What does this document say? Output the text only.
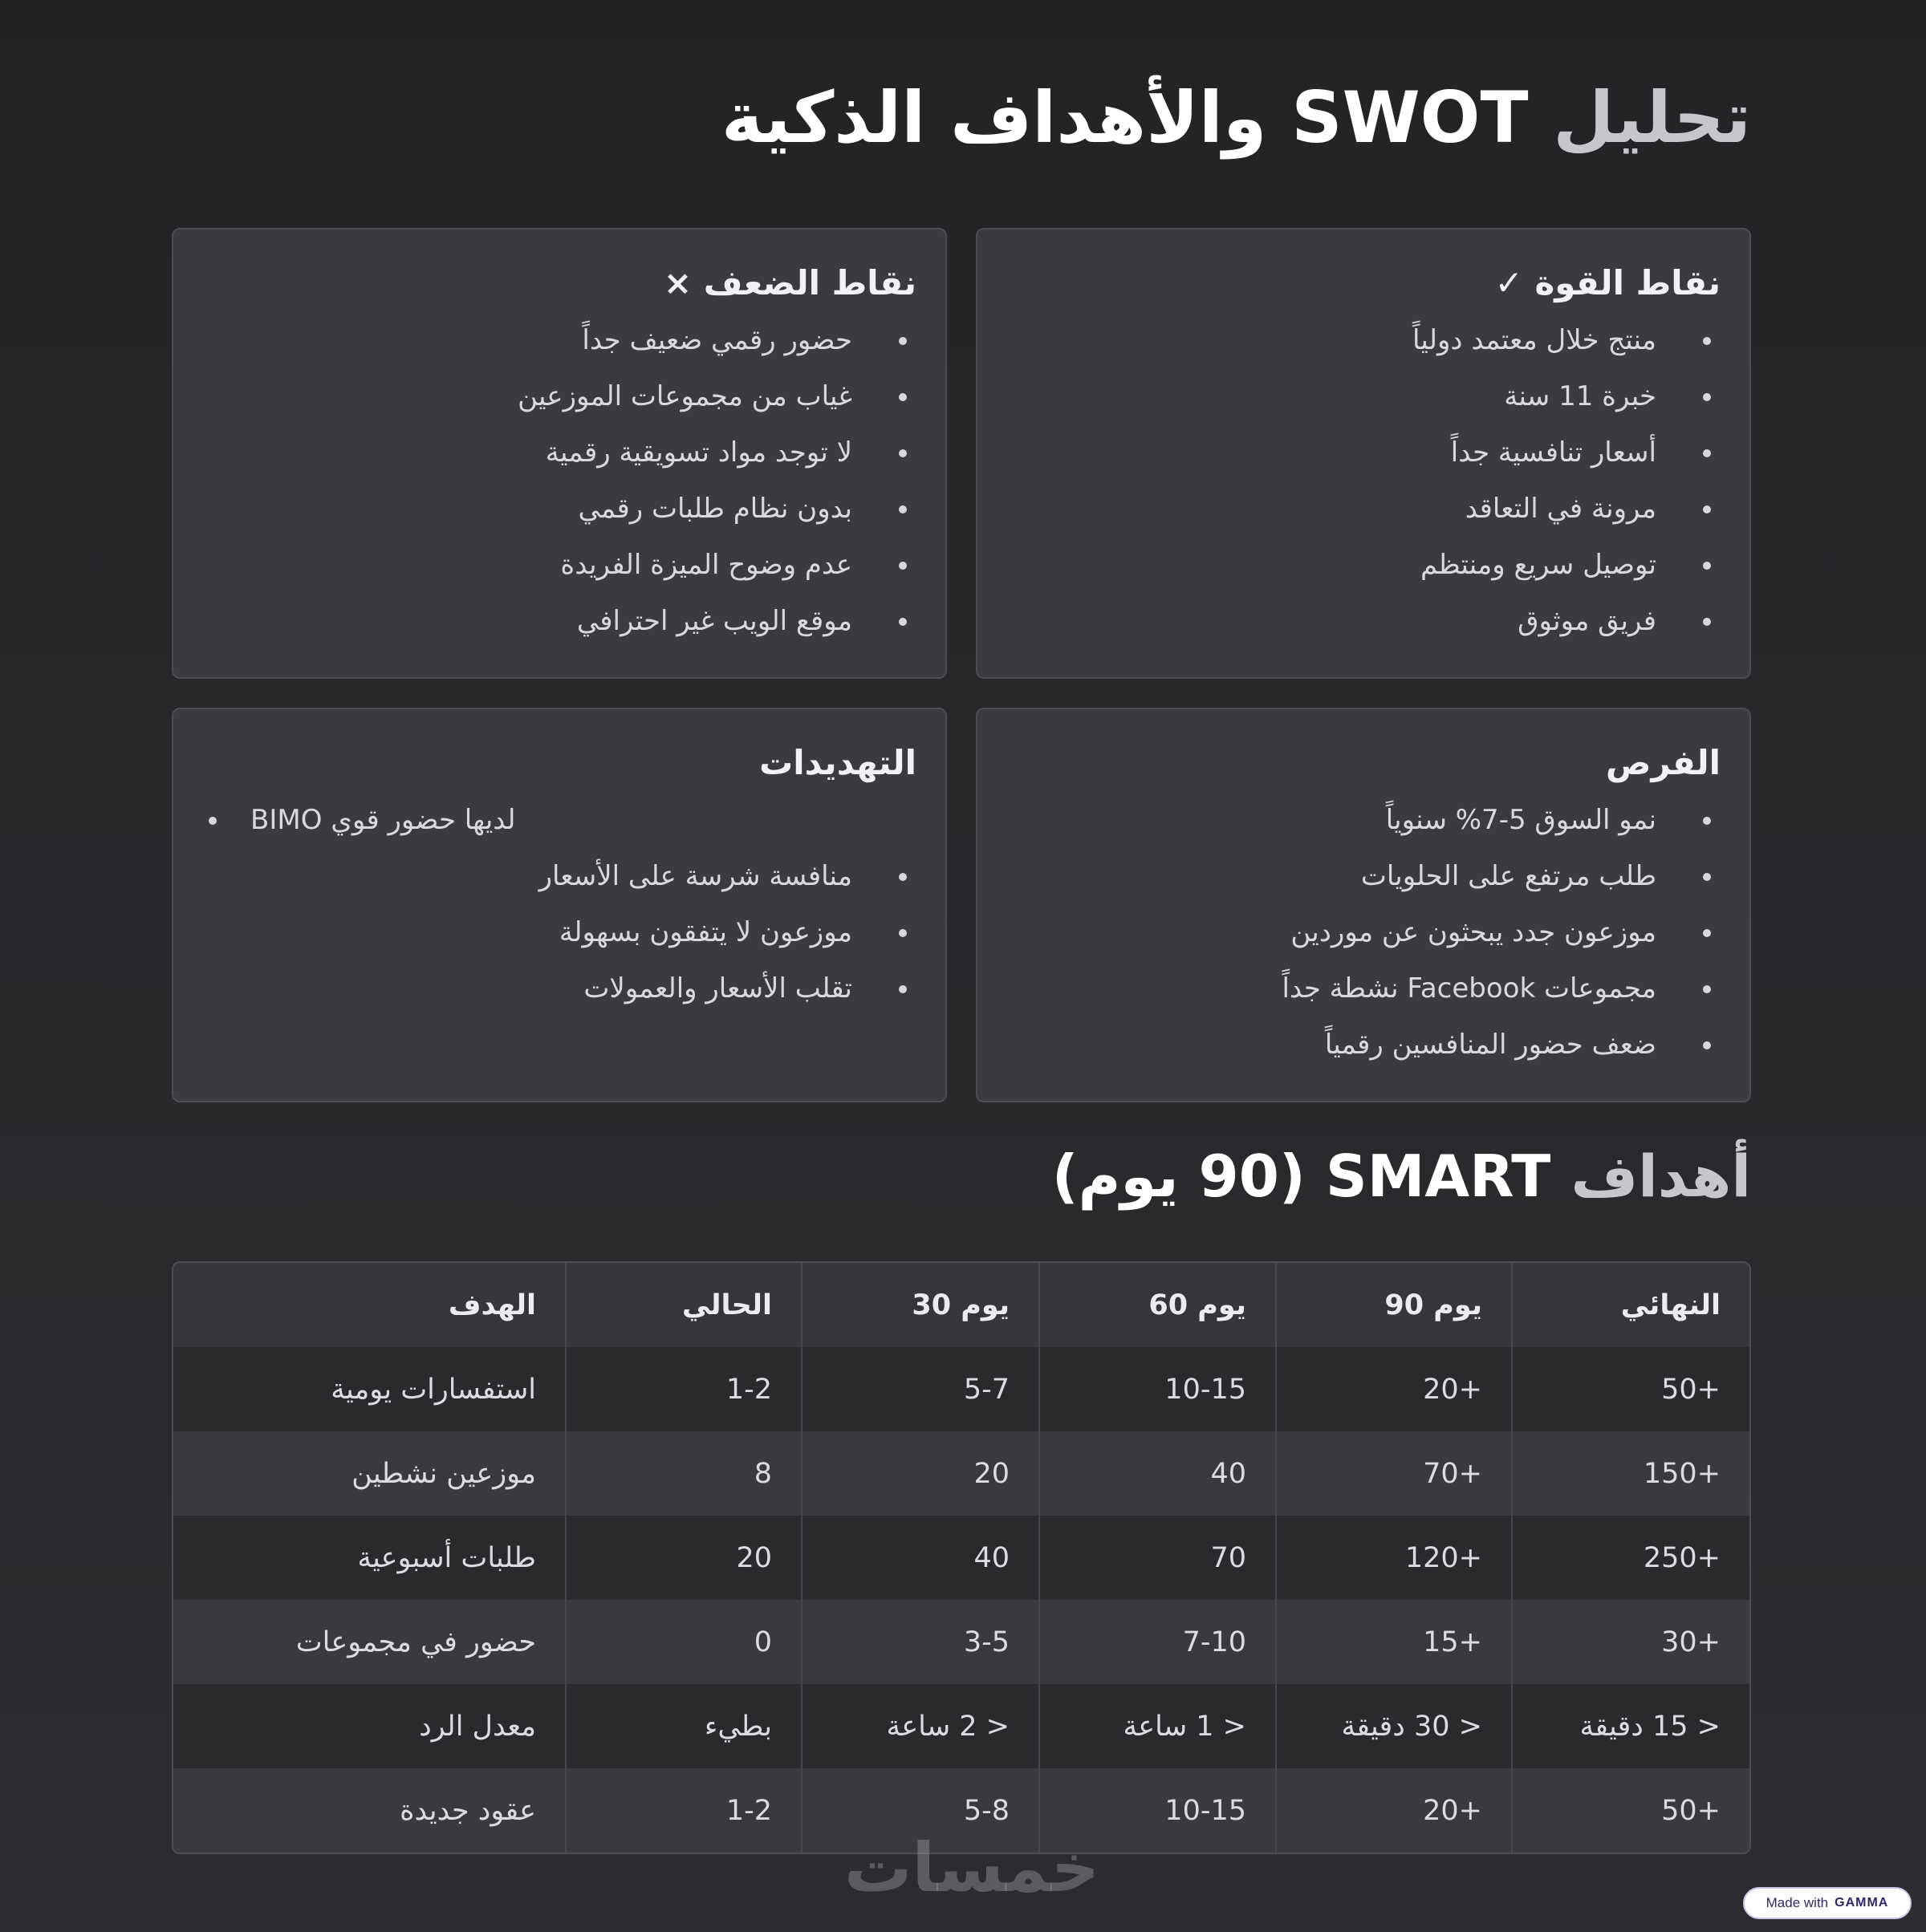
تحليل SWOT والأهداف الذكية
نقاط القوة ✓
منتج خلال معتمد دولياً
خبرة 11 سنة
أسعار تنافسية جداً
مرونة في التعاقد
توصيل سريع ومنتظم
فريق موثوق
نقاط الضعف ×
حضور رقمي ضعيف جداً
غياب من مجموعات الموزعين
لا توجد مواد تسويقية رقمية
بدون نظام طلبات رقمي
عدم وضوح الميزة الفريدة
موقع الويب غير احترافي
الفرص
نمو السوق 5-7% سنوياً
طلب مرتفع على الحلويات
موزعون جدد يبحثون عن موردين
مجموعات Facebook نشطة جداً
ضعف حضور المنافسين رقمياً
التهديدات
BIMO لديها حضور قوي
منافسة شرسة على الأسعار
موزعون لا يتفقون بسهولة
تقلب الأسعار والعمولات
أهداف SMART (90 يوم)
النهائي	يوم 90	يوم 60	يوم 30	الحالي	الهدف
+50	+20	10-15	5-7	1-2	استفسارات يومية
+150	+70	40	20	8	موزعين نشطين
+250	+120	70	40	20	طلبات أسبوعية
+30	+15	7-10	3-5	0	حضور في مجموعات
< 15 دقيقة	< 30 دقيقة	< 1 ساعة	< 2 ساعة	بطيء	معدل الرد
+50	+20	10-15	5-8	1-2	عقود جديدة
خمسات	Made with GAMMA
